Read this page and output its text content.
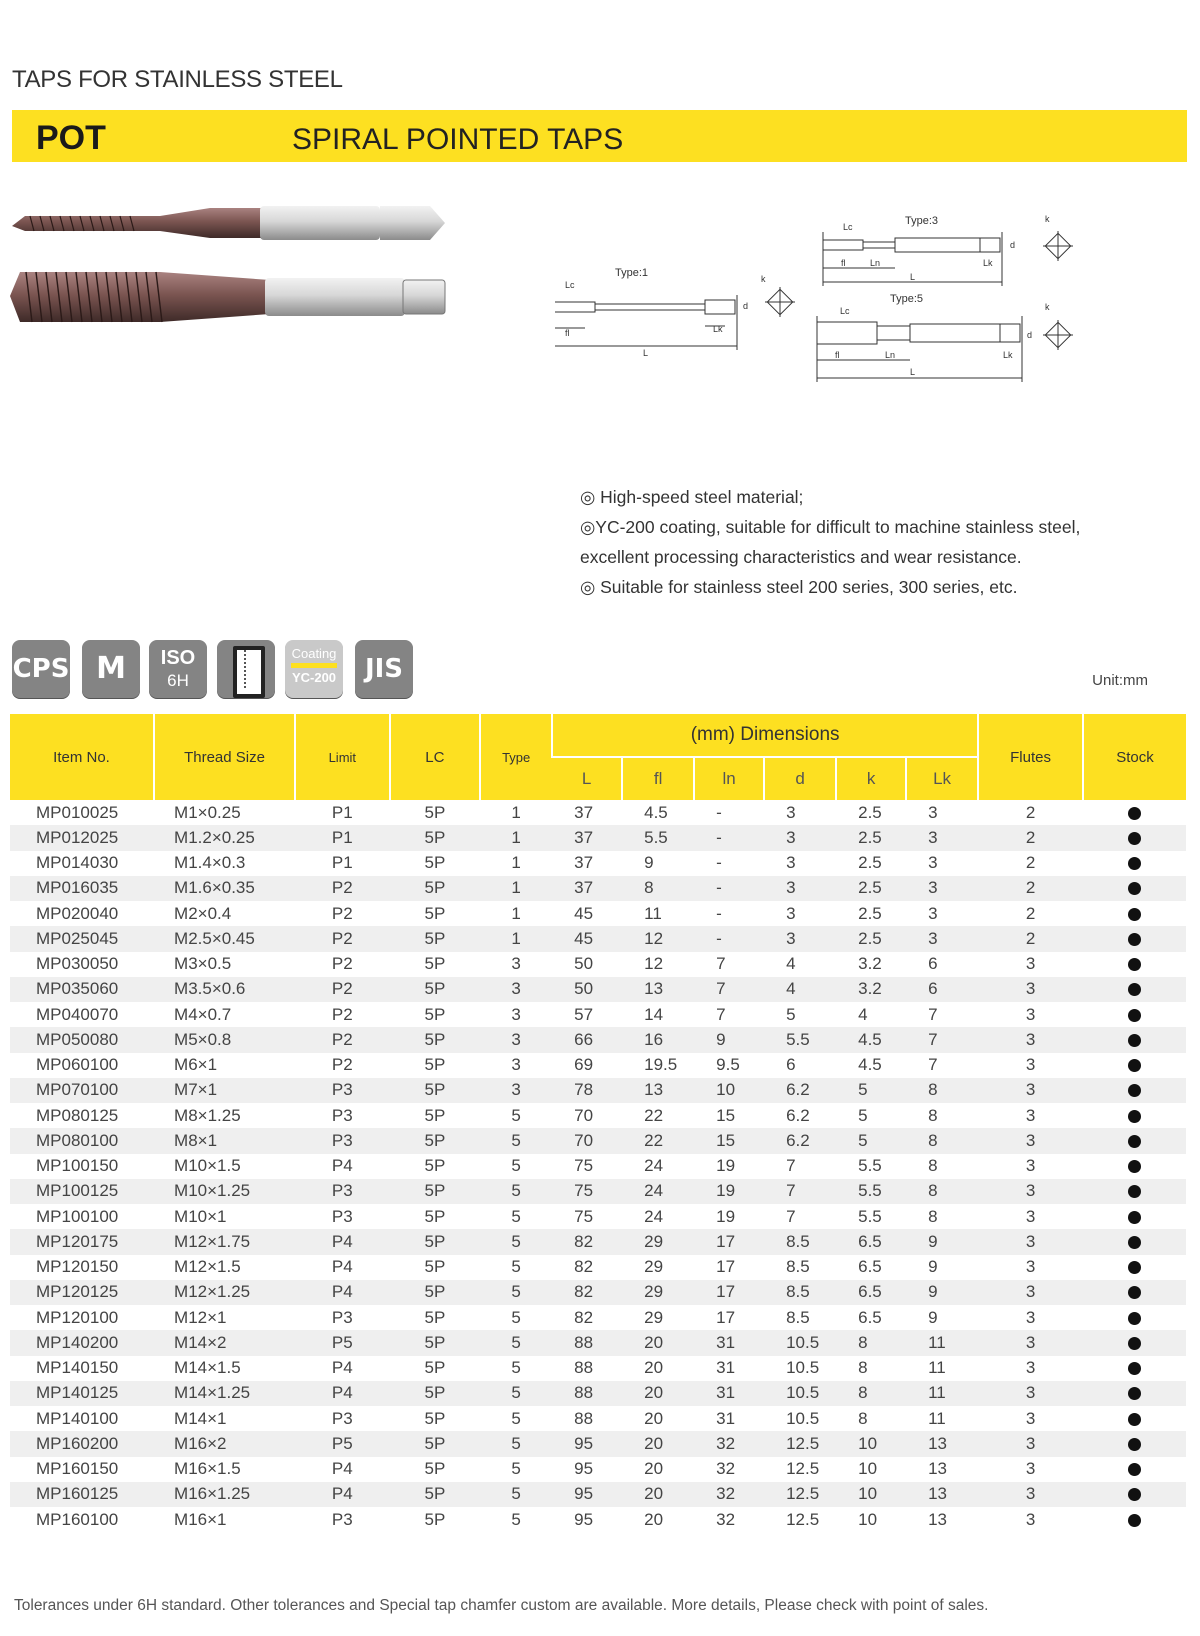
TAPS FOR STAINLESS STEEL
POT	SPIRAL POINTED TAPS
Type:1
Lc
fl
L
Lk
d
k
Type:3
Lc
fl	Ln
L
Lk
d
k
Type:5
Lc
fl	Ln
L
Lk
d
k
◎ High-speed steel material;
◎YC-200 coating, suitable for difficult to machine stainless steel,
excellent processing characteristics and wear resistance.
◎ Suitable for stainless steel 200 series, 300 series, etc.
CPS M	ISO
6H
Coating
YC-200	JIS	Unit:mm
Item No.	Thread Size	Limit	LC	Type	(mm) Dimensions						Flutes	Stock
					L	fl	ln	d	k	Lk		
MP010025	M1×0.25	P1	5P	1	37	4.5	-	3	2.5	3	2	
MP012025	M1.2×0.25	P1	5P	1	37	5.5	-	3	2.5	3	2	
MP014030	M1.4×0.3	P1	5P	1	37	9	-	3	2.5	3	2	
MP016035	M1.6×0.35	P2	5P	1	37	8	-	3	2.5	3	2	
MP020040	M2×0.4	P2	5P	1	45	11	-	3	2.5	3	2	
MP025045	M2.5×0.45	P2	5P	1	45	12	-	3	2.5	3	2	
MP030050	M3×0.5	P2	5P	3	50	12	7	4	3.2	6	3	
MP035060	M3.5×0.6	P2	5P	3	50	13	7	4	3.2	6	3	
MP040070	M4×0.7	P2	5P	3	57	14	7	5	4	7	3	
MP050080	M5×0.8	P2	5P	3	66	16	9	5.5	4.5	7	3	
MP060100	M6×1	P2	5P	3	69	19.5	9.5	6	4.5	7	3	
MP070100	M7×1	P3	5P	3	78	13	10	6.2	5	8	3	
MP080125	M8×1.25	P3	5P	5	70	22	15	6.2	5	8	3	
MP080100	M8×1	P3	5P	5	70	22	15	6.2	5	8	3	
MP100150	M10×1.5	P4	5P	5	75	24	19	7	5.5	8	3	
MP100125	M10×1.25	P3	5P	5	75	24	19	7	5.5	8	3	
MP100100	M10×1	P3	5P	5	75	24	19	7	5.5	8	3	
MP120175	M12×1.75	P4	5P	5	82	29	17	8.5	6.5	9	3	
MP120150	M12×1.5	P4	5P	5	82	29	17	8.5	6.5	9	3	
MP120125	M12×1.25	P4	5P	5	82	29	17	8.5	6.5	9	3	
MP120100	M12×1	P3	5P	5	82	29	17	8.5	6.5	9	3	
MP140200	M14×2	P5	5P	5	88	20	31	10.5	8	11	3	
MP140150	M14×1.5	P4	5P	5	88	20	31	10.5	8	11	3	
MP140125	M14×1.25	P4	5P	5	88	20	31	10.5	8	11	3	
MP140100	M14×1	P3	5P	5	88	20	31	10.5	8	11	3	
MP160200	M16×2	P5	5P	5	95	20	32	12.5	10	13	3	
MP160150	M16×1.5	P4	5P	5	95	20	32	12.5	10	13	3	
MP160125	M16×1.25	P4	5P	5	95	20	32	12.5	10	13	3	
MP160100	M16×1	P3	5P	5	95	20	32	12.5	10	13	3	
Tolerances under 6H standard. Other tolerances and Special tap chamfer custom are available. More details, Please check with point of sales.
